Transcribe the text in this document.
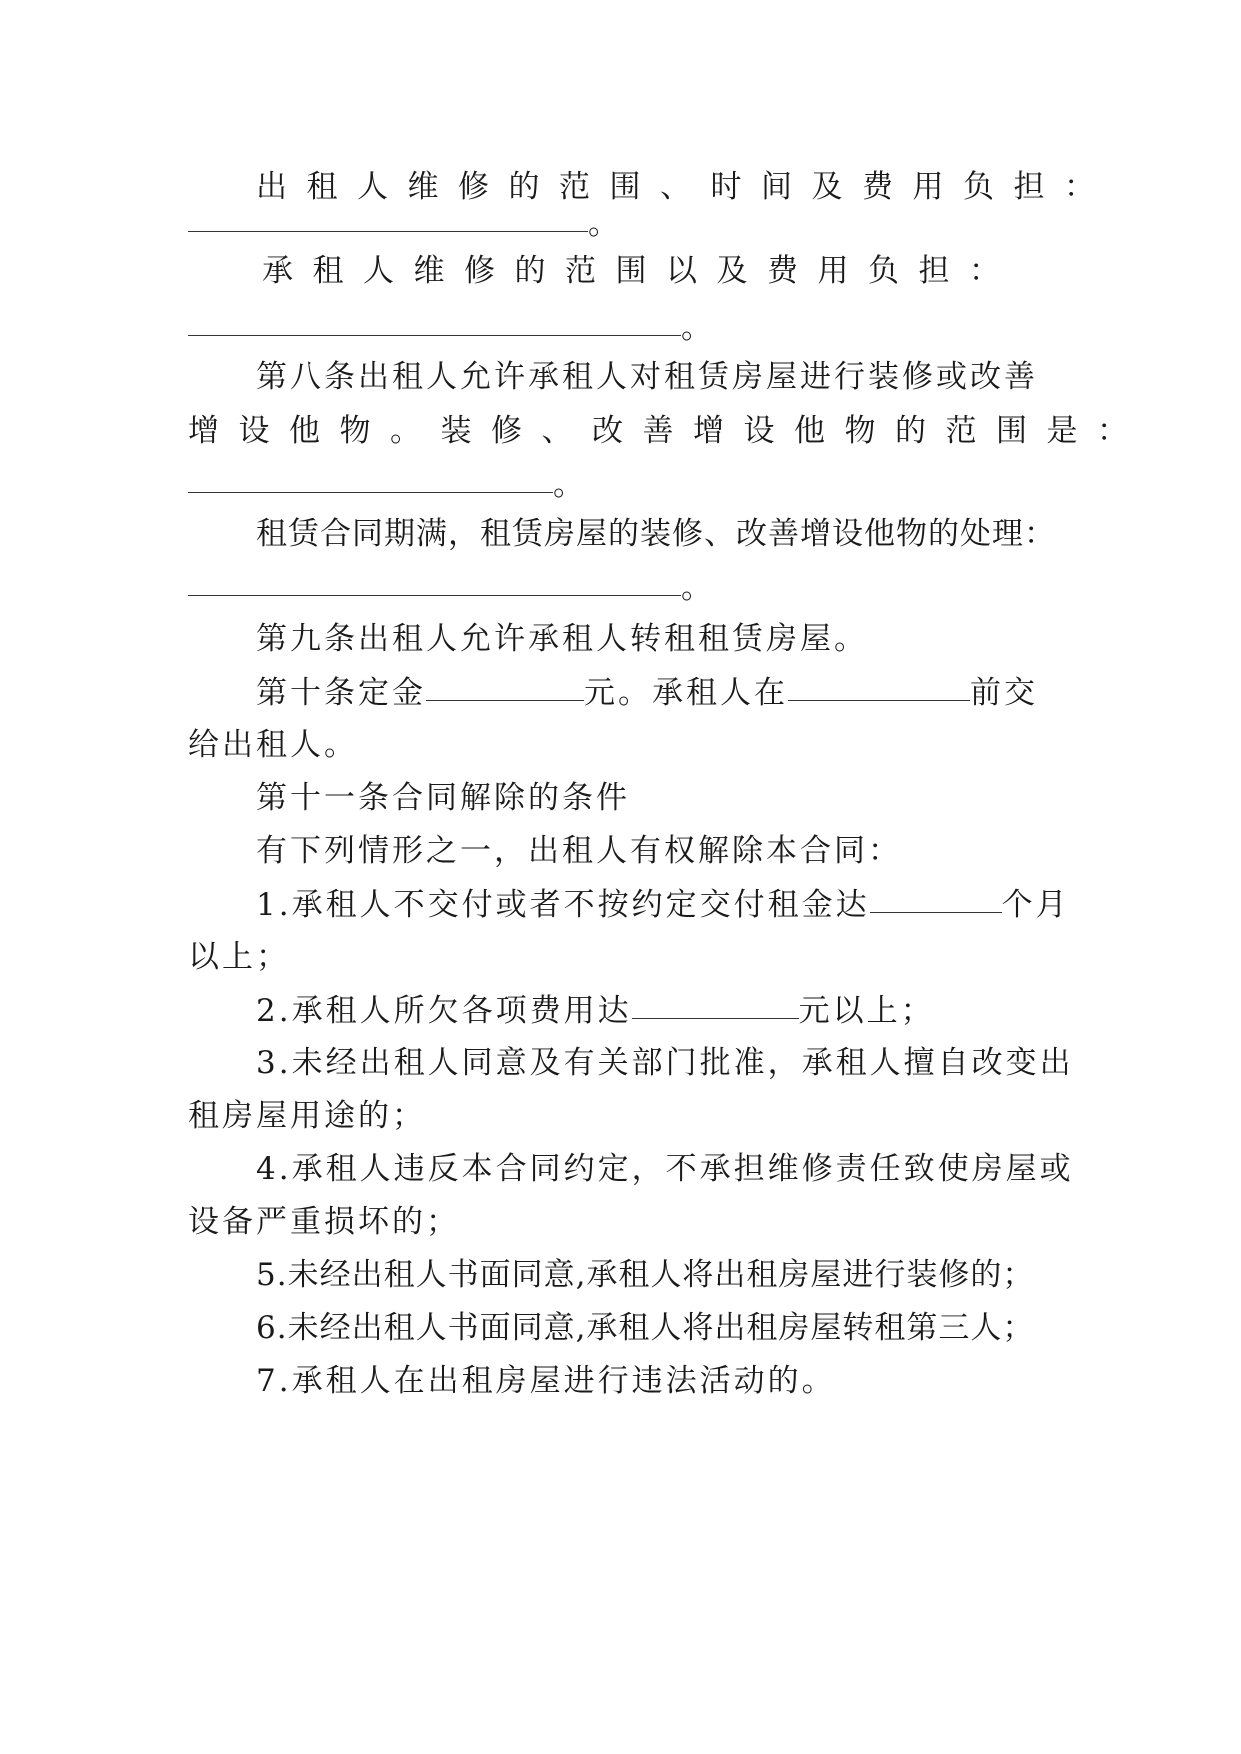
出租人维修的范围、时间及费用负担：
。
承租人维修的范围以及费用负担：
。
第八条出租人允许承租人对租赁房屋进行装修或改善
增设他物。装修、改善增设他物的范围是：
。
租赁合同期满，租赁房屋的装修、改善增设他物的处理：
。
第九条出租人允许承租人转租租赁房屋。
第十条定金	元。承租人在	前交
给出租人。
第十一条合同解除的条件
有下列情形之一，出租人有权解除本合同：
1.承租人不交付或者不按约定交付租金达	个月
以上；
2.承租人所欠各项费用达	元以上；
3.未经出租人同意及有关部门批准，承租人擅自改变出
租房屋用途的；
4.承租人违反本合同约定，不承担维修责任致使房屋或
设备严重损坏的；
5.未经出租人书面同意,承租人将出租房屋进行装修的；
6.未经出租人书面同意,承租人将出租房屋转租第三人；
7.承租人在出租房屋进行违法活动的。
